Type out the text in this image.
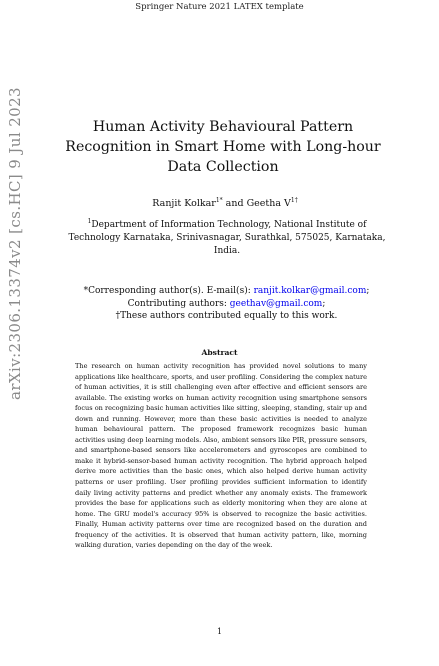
Springer Nature 2021 LATEX template
arXiv:2306.13374v2 [cs.HC] 9 Jul 2023	Human Activity Behavioural Pattern Recognition in Smart Home with Long-hour Data Collection
Ranjit Kolkar$^{1*}$ and Geetha $V^{1\dagger}$
$^1$Department of Information Technology, National Institute of Technology Karnataka, Srinivasnagar, Surathkal, 575025, Karnataka, India.
*Corresponding author(s). E-mail(s): ranjit.kolkar@gmail.com;
Contributing authors: geethav@gmail.com;
†These authors contributed equally to this work.
Abstract

The research on human activity recognition has provided novel solutions to many applications like healthcare, sports, and user profiling. Considering the complex nature of human activities, it is still challenging even after effective and efficient sensors are available. The existing works on human activity recognition using smartphone sensors focus on recognizing basic human activities like sitting, sleeping, standing, stair up and down and running. However, more than these basic activities is needed to analyze human behavioural pattern. The proposed framework recognizes basic human activities using deep learning models. Also, ambient sensors like PIR, pressure sensors, and smartphone-based sensors like accelerometers and gyroscopes are combined to make it hybrid-sensor-based human activity recognition. The hybrid approach helped derive more activities than the basic ones, which also helped derive human activity patterns or user profiling. User profiling provides sufficient information to identify daily living activity patterns and predict whether any anomaly exists. The framework provides the base for applications such as elderly monitoring when they are alone at home. The GRU model's accuracy 95% is observed to recognize the basic activities. Finally, Human activity patterns over time are recognized based on the duration and frequency of the activities. It is observed that human activity pattern, like, morning walking duration, varies depending on the day of the week.

1
